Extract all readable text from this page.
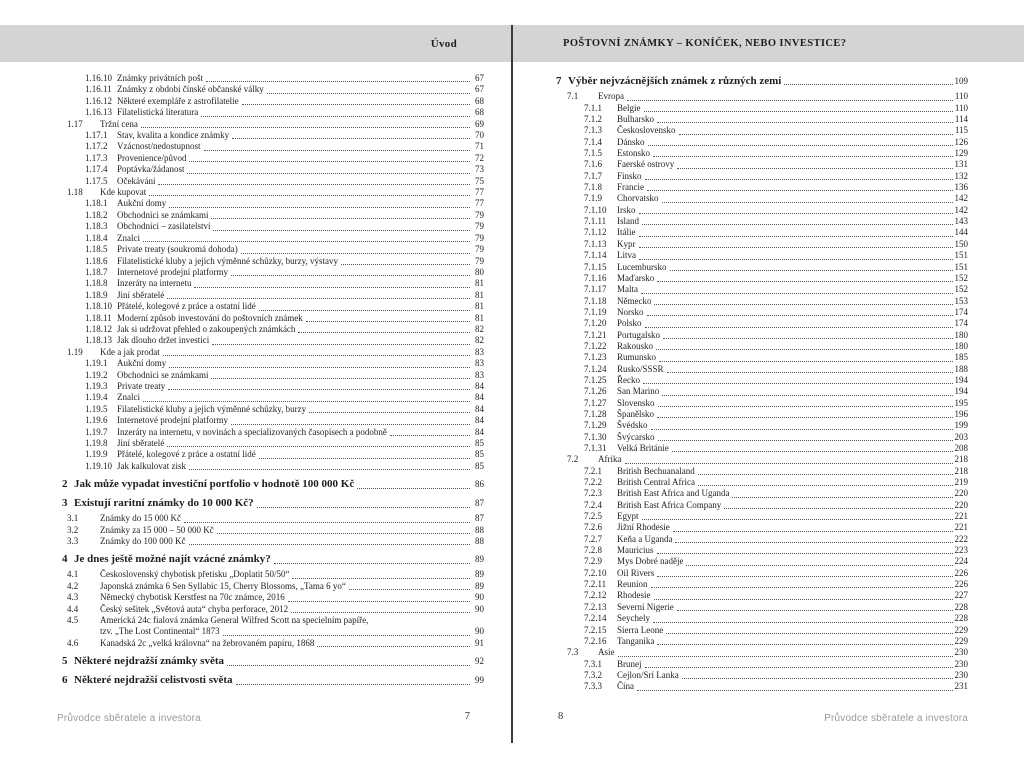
Úvod	POŠTOVNÍ ZNÁMKY – KONÍČEK, NEBO INVESTICE?
1.16.10 Známky privátních pošt	67
1.16.11 Známky z období čínské občanské války	67
1.16.12 Některé exempláře z astrofilatelie	68
1.16.13 Filatelistická literatura	68
1.17	Tržní cena	69
1.17.1	Stav, kvalita a kondice známky	70
1.17.2	Vzácnost/nedostupnost	71
1.17.3	Provenience/původ	72
1.17.4	Poptávka/žádanost	73
1.17.5	Očekávání	75
1.18	Kde kupovat	77
1.18.1	Aukční domy	77
1.18.2	Obchodníci se známkami	79
1.18.3	Obchodníci – zasilatelství	79
1.18.4	Znalci	79
1.18.5	Private treaty (soukromá dohoda)	79
1.18.6	Filatelistické kluby a jejich výměnné schůzky, burzy, výstavy	79
1.18.7	Internetové prodejní platformy	80
1.18.8	Inzeráty na internetu	81
1.18.9	Jiní sběratelé	81
1.18.10 Přátelé, kolegové z práce a ostatní lidé	81
1.18.11 Moderní způsob investování do poštovních známek	81
1.18.12 Jak si udržovat přehled o zakoupených známkách	82
1.18.13 Jak dlouho držet investici	82
1.19	Kde a jak prodat	83
1.19.1	Aukční domy	83
1.19.2	Obchodníci se známkami	83
1.19.3	Private treaty	84
1.19.4	Znalci	84
1.19.5	Filatelistické kluby a jejich výměnné schůzky, burzy	84
1.19.6	Internetové prodejní platformy	84
1.19.7	Inzeráty na internetu, v novinách a specializovaných časopisech a podobně	84
1.19.8	Jiní sběratelé	85
1.19.9	Přátelé, kolegové z práce a ostatní lidé	85
1.19.10 Jak kalkulovat zisk	85
2 Jak může vypadat investiční portfolio v hodnotě 100 000 Kč	86
3 Existují raritní známky do 10 000 Kč?	87
3.1	Známky do 15 000 Kč	87
3.2	Známky za 15 000 – 50 000 Kč	88
3.3	Známky do 100 000 Kč	88
4 Je dnes ještě možné najít vzácné známky?	89
4.1	Československý chybotisk přetisku „Doplatit 50/50“	89
4.2	Japonská známka 6 Sen Syllabic 15, Cherry Blossoms, „Tama 6 yo“	89
4.3	Německý chybotisk Kerstfest na 70c známce, 2016	90
4.4	Český sešitek „Světová auta“ chyba perforace, 2012	90
4.5	Americká 24c fialová známka General Wilfred Scott na specielním papíře,
tzv. „The Lost Continental“ 1873	90
4.6	Kanadská 2c „velká královna“ na žebrovaném papíru, 1868	91
5 Některé nejdražší známky světa	92
6 Některé nejdražší celistvosti světa	99
7 Výběr nejvzácnějších známek z různých zemí	109
7.1	Evropa	110
7.1.1	Belgie	110
7.1.2	Bulharsko	114
7.1.3	Československo	115
7.1.4	Dánsko	126
7.1.5	Estonsko	129
7.1.6	Faerské ostrovy	131
7.1.7	Finsko	132
7.1.8	Francie	136
7.1.9	Chorvatsko	142
7.1.10	Irsko	142
7.1.11	Island	143
7.1.12	Itálie	144
7.1.13	Kypr	150
7.1.14	Litva	151
7.1.15	Lucembursko	151
7.1.16	Maďarsko	152
7.1.17	Malta	152
7.1.18	Německo	153
7.1.19	Norsko	174
7.1.20	Polsko	174
7.1.21	Portugalsko	180
7.1.22	Rakousko	180
7.1.23	Rumunsko	185
7.1.24	Rusko/SSSR	188
7.1.25	Řecko	194
7.1.26	San Marino	194
7.1.27	Slovensko	195
7.1.28	Španělsko	196
7.1.29	Švédsko	199
7.1.30	Švýcarsko	203
7.1.31	Velká Británie	208
7.2	Afrika	218
7.2.1	British Bechuanaland	218
7.2.2	British Central Africa	219
7.2.3	British East Africa and Uganda	220
7.2.4	British East Africa Company	220
7.2.5	Egypt	221
7.2.6	Jižní Rhodesie	221
7.2.7	Keňa a Uganda	222
7.2.8	Mauricius	223
7.2.9	Mys Dobré naděje	224
7.2.10	Oil Rivers	226
7.2.11	Reunion	226
7.2.12	Rhodesie	227
7.2.13	Severní Nigerie	228
7.2.14	Seychely	228
7.2.15	Sierra Leone	229
7.2.16	Tanganika	229
7.3	Asie	230
7.3.1	Brunej	230
7.3.2	Cejlon/Srí Lanka	230
7.3.3	Čína	231
Průvodce sběratele a investora	7	8	Průvodce sběratele a investora
